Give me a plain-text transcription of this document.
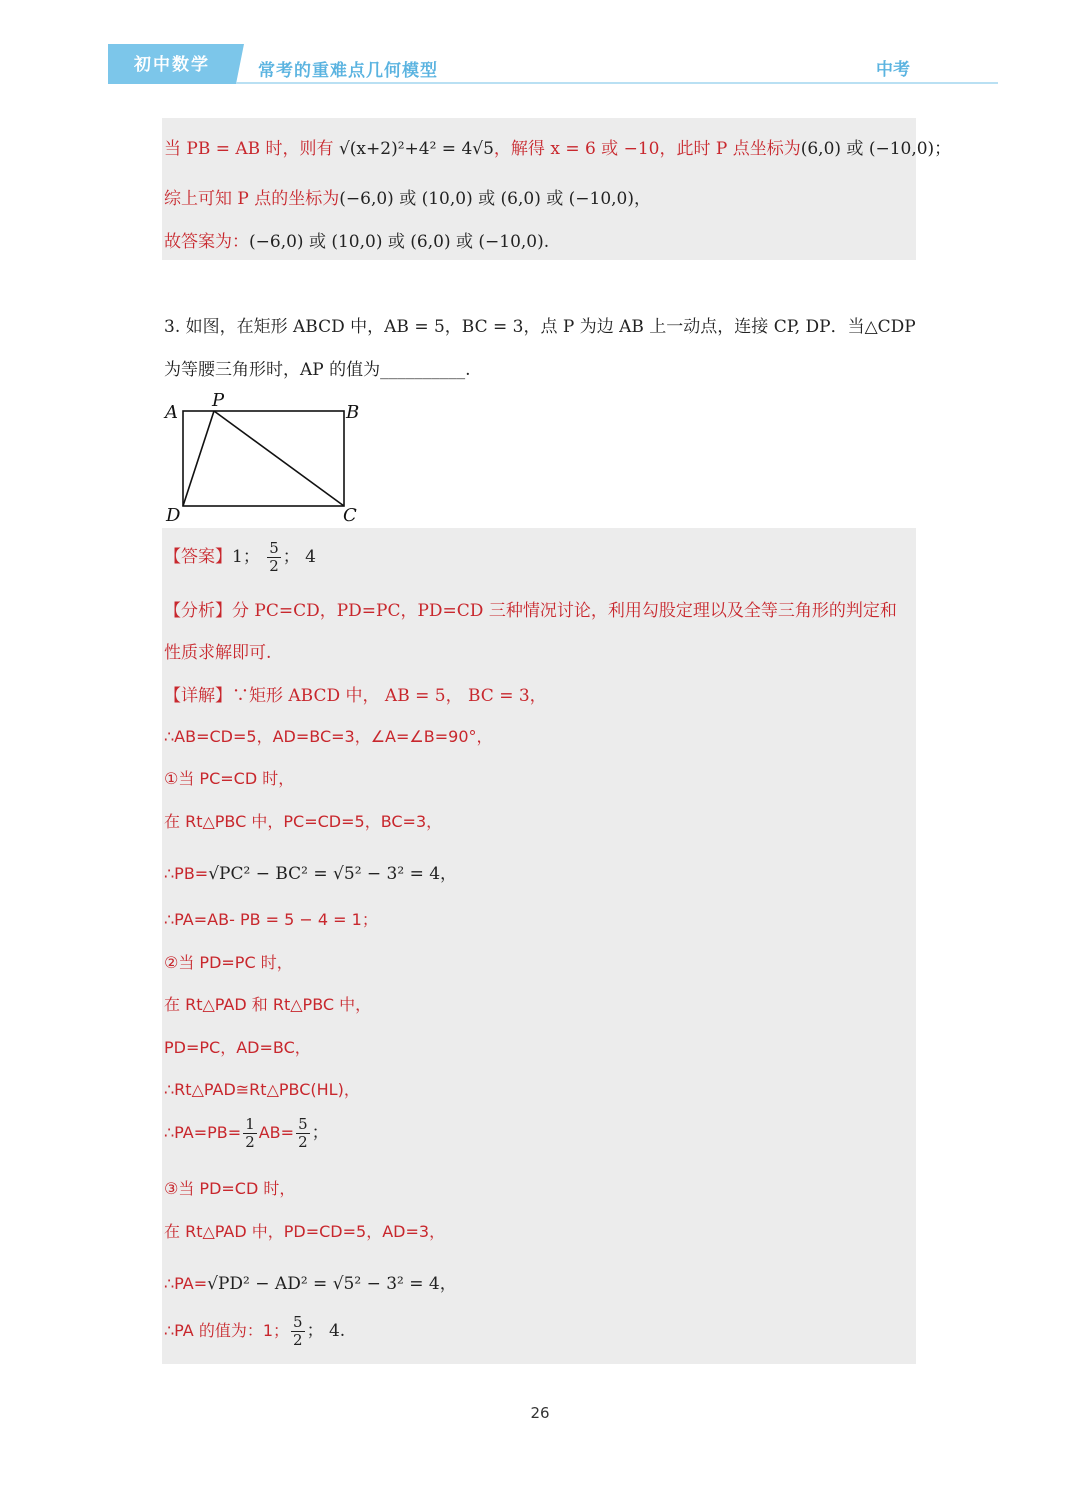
初中数学	常考的重难点几何模型	中考
当 PB = AB 时，则有 √(x+2)²+4² = 4√5，解得 x = 6 或 −10，此时 P 点坐标为(6,0) 或 (−10,0)；
综上可知 P 点的坐标为(−6,0) 或 (10,0) 或 (6,0) 或 (−10,0)，
故答案为：(−6,0) 或 (10,0) 或 (6,0) 或 (−10,0).
3. 如图，在矩形 ABCD 中，AB = 5，BC = 3，点 P 为边 AB 上一动点，连接 CP, DP．当△CDP
为等腰三角形时，AP 的值为__________.
A
P
B
D	C
【答案】1； $\frac{5}{2}$ ； 4
【分析】分 PC=CD，PD=PC，PD=CD 三种情况讨论，利用勾股定理以及全等三角形的判定和
性质求解即可.
【详解】∵矩形 ABCD 中， AB = 5， BC = 3，
∴AB=CD=5，AD=BC=3，∠A=∠B=90°，
①当 PC=CD 时，
在 Rt△PBC 中，PC=CD=5，BC=3，
∴PB=√PC² − BC² = √5² − 3² = 4，
∴PA=AB- PB = 5 − 4 = 1；
②当 PD=PC 时，
在 Rt△PAD 和 Rt△PBC 中，
PD=PC，AD=BC，
∴Rt△PAD≅Rt△PBC(HL)，
∴PA=PB= $\frac{1}{2} AB= \frac{5}{2}$ ；
③当 PD=CD 时，
在 Rt△PAD 中，PD=CD=5，AD=3，
∴PA=√PD² − AD² = √5² − 3² = 4，
∴PA 的值为：1； $\frac{5}{2}$ ； 4.
26
